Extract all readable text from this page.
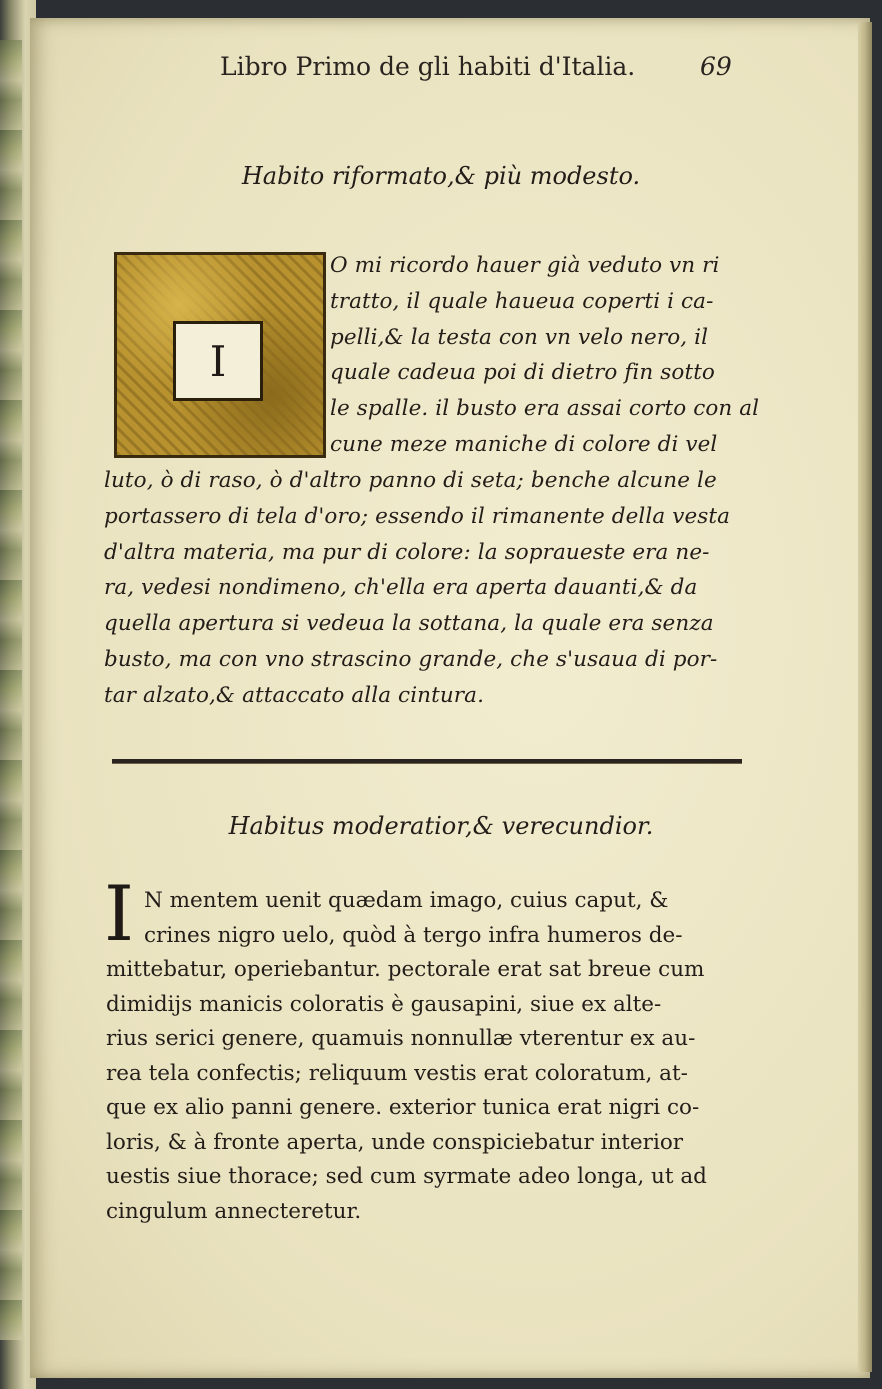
Libro Primo de gli habiti d'Italia.	69
Habito riformato,& più modesto.
I
O mi ricordo hauer già veduto vn ri
tratto, il quale haueua coperti i ca-
pelli,& la testa con vn velo nero, il
quale cadeua poi di dietro fin sotto
le spalle. il busto era assai corto con al
cune meze maniche di colore di vel
luto, ò di raso, ò d'altro panno di seta; benche alcune le
portassero di tela d'oro; essendo il rimanente della vesta
d'altra materia, ma pur di colore: la sopraueste era ne-
ra, vedesi nondimeno, ch'ella era aperta dauanti,& da
quella apertura si vedeua la sottana, la quale era senza
busto, ma con vno strascino grande, che s'usaua di por-
tar alzato,& attaccato alla cintura.
Habitus moderatior,& verecundior.
I N mentem uenit quædam imago, cuius caput, &
crines nigro uelo, quòd à tergo infra humeros de-
mittebatur, operiebantur. pectorale erat sat breue cum
dimidijs manicis coloratis è gausapini, siue ex alte-
rius serici genere, quamuis nonnullæ vterentur ex au-
rea tela confectis; reliquum vestis erat coloratum, at-
que ex alio panni genere. exterior tunica erat nigri co-
loris, & à fronte aperta, unde conspiciebatur interior
uestis siue thorace; sed cum syrmate adeo longa, ut ad
cingulum annecteretur.
